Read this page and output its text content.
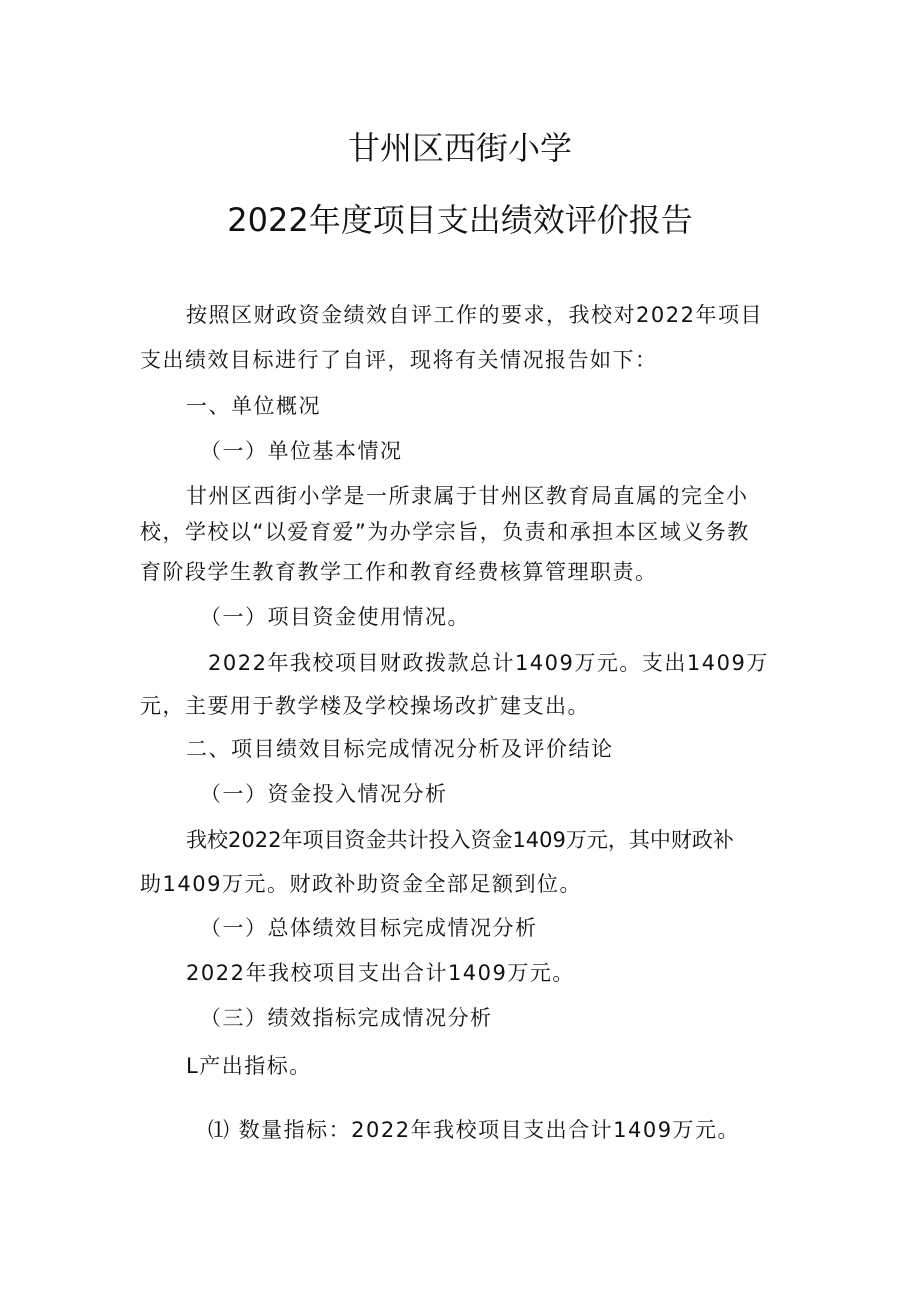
甘州区西街小学
2022年度项目支出绩效评价报告
按照区财政资金绩效自评工作的要求，我校对2022年项目
支出绩效目标进行了自评，现将有关情况报告如下：
一、单位概况
（一）单位基本情况
甘州区西街小学是一所隶属于甘州区教育局直属的完全小
校，学校以“以爱育爱”为办学宗旨，负责和承担本区域义务教
育阶段学生教育教学工作和教育经费核算管理职责。
（一）项目资金使用情况。
2022年我校项目财政拨款总计1409万元。支出1409万
元，主要用于教学楼及学校操场改扩建支出。
二、项目绩效目标完成情况分析及评价结论
（一）资金投入情况分析
我校2022年项目资金共计投入资金1409万元，其中财政补
助1409万元。财政补助资金全部足额到位。
（一）总体绩效目标完成情况分析
2022年我校项目支出合计1409万元。
（三）绩效指标完成情况分析
L产出指标。
⑴ 数量指标：2022年我校项目支出合计1409万元。
